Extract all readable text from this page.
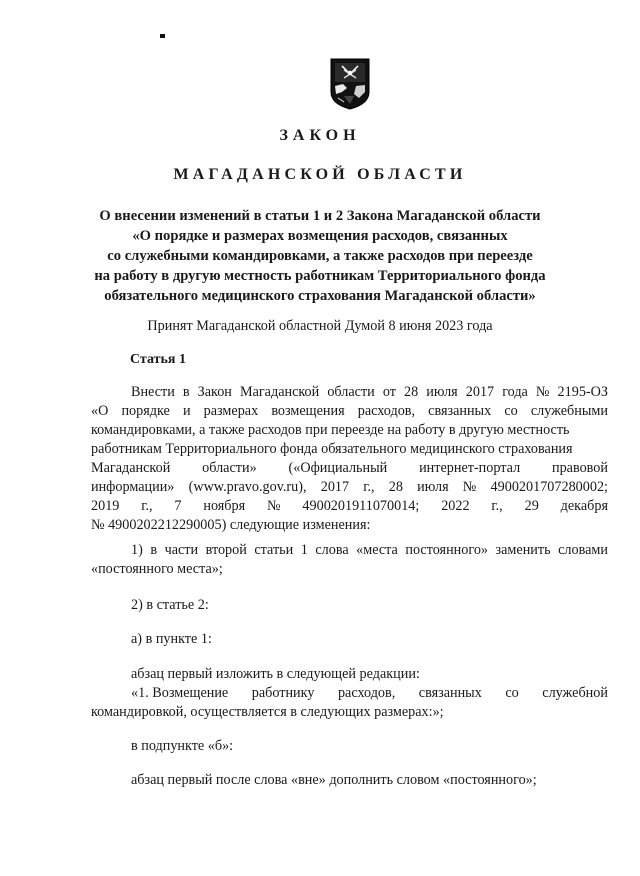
ЗАКОН
МАГАДАНСКОЙ ОБЛАСТИ
О внесении изменений в статьи 1 и 2 Закона Магаданской области
«О порядке и размерах возмещения расходов, связанных
со служебными командировками, а также расходов при переезде
на работу в другую местность работникам Территориального фонда
обязательного медицинского страхования Магаданской области»
Принят Магаданской областной Думой 8 июня 2023 года
Статья 1
Внести в Закон Магаданской области от 28 июля 2017 года № 2195-ОЗ
«О порядке и размерах возмещения расходов, связанных со служебными
командировками, а также расходов при переезде на работу в другую местность
работникам Территориального фонда обязательного медицинского страхования
Магаданской области» («Официальный интернет-портал правовой
информации» (www.pravo.gov.ru), 2017 г., 28 июля № 4900201707280002;
2019 г., 7 ноября № 4900201911070014; 2022 г., 29 декабря
№ 4900202212290005) следующие изменения:
1) в части второй статьи 1 слова «места постоянного» заменить словами
«постоянного места»;
2) в статье 2:
а) в пункте 1:
абзац первый изложить в следующей редакции:
«1. Возмещение работнику расходов, связанных со служебной
командировкой, осуществляется в следующих размерах:»;
в подпункте «б»:
абзац первый после слова «вне» дополнить словом «постоянного»;
